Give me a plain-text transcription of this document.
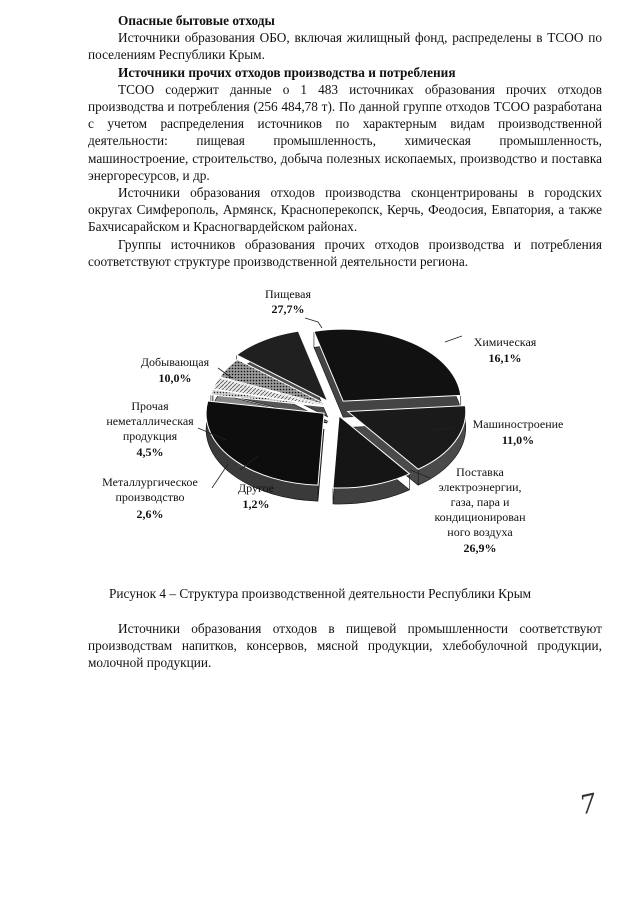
Опасные бытовые отходы

Источники образования ОБО, включая жилищный фонд, распределены в ТСОО по поселениям Республики Крым.

Источники прочих отходов производства и потребления

ТСОО содержит данные о 1 483 источниках образования прочих отходов производства и потребления (256 484,78 т). По данной группе отходов ТСОО разработана с учетом распределения источников по характерным видам производственной деятельности: пищевая промышленность, химическая промышленность, машиностроение, строительство, добыча полезных ископаемых, производство и поставка энергоресурсов, и др.

Источники образования отходов производства сконцентрированы в городских округах Симферополь, Армянск, Красноперекопск, Керчь, Феодосия, Евпатория, а также Бахчисарайском и Красногвардейском районах.

Группы источников образования прочих отходов производства и потребления соответствуют структуре производственной деятельности региона.

Пищевая
27,7%
Химическая
16,1%
Машиностроение
11,0%
Поставка
электроэнергии,
газа, пара и
кондиционирован
ного воздуха
26,9%
Другое
1,2%
Металлургическое
производство
2,6%
Прочая
неметаллическая
продукция
4,5%
Добывающая
10,0%
Рисунок 4 – Структура производственной деятельности Республики Крым

Источники образования отходов в пищевой промышленности соответствуют производствам напитков, консервов, мясной продукции, хлебобулочной продукции, молочной продукции.

7
